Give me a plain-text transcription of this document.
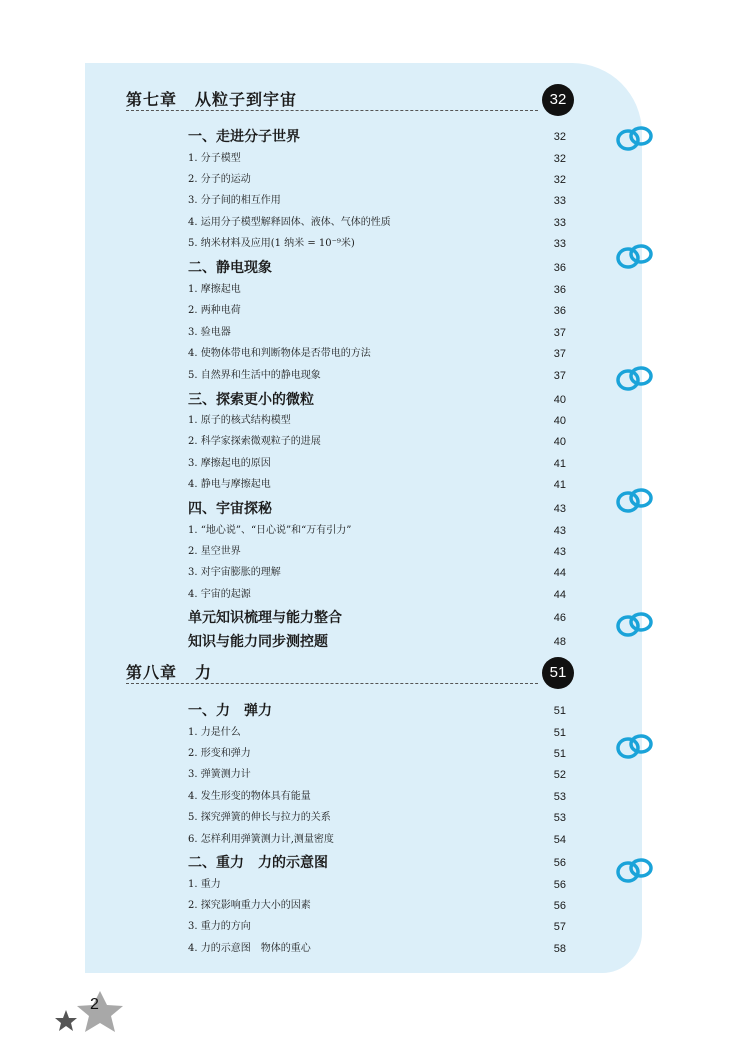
第七章 从粒子到宇宙	32
一、走进分子世界	32
1. 分子模型	32
2. 分子的运动	32
3. 分子间的相互作用	33
4. 运用分子模型解释固体、液体、气体的性质	33
5. 纳米材料及应用(1 纳米 = 10⁻⁹米)	33
二、静电现象	36
1. 摩擦起电	36
2. 两种电荷	36
3. 验电器	37
4. 使物体带电和判断物体是否带电的方法	37
5. 自然界和生活中的静电现象	37
三、探索更小的微粒	40
1. 原子的核式结构模型	40
2. 科学家探索微观粒子的进展	40
3. 摩擦起电的原因	41
4. 静电与摩擦起电	41
四、宇宙探秘	43
1. “地心说”、“日心说”和“万有引力”	43
2. 星空世界	43
3. 对宇宙膨胀的理解	44
4. 宇宙的起源	44
单元知识梳理与能力整合	46
知识与能力同步测控题	48
第八章 力	51
一、力　弹力	51
1. 力是什么	51
2. 形变和弹力	51
3. 弹簧测力计	52
4. 发生形变的物体具有能量	53
5. 探究弹簧的伸长与拉力的关系	53
6. 怎样利用弹簧测力计,测量密度	54
二、重力　力的示意图	56
1. 重力	56
2. 探究影响重力大小的因素	56
3. 重力的方向	57
4. 力的示意图　物体的重心	58
2
